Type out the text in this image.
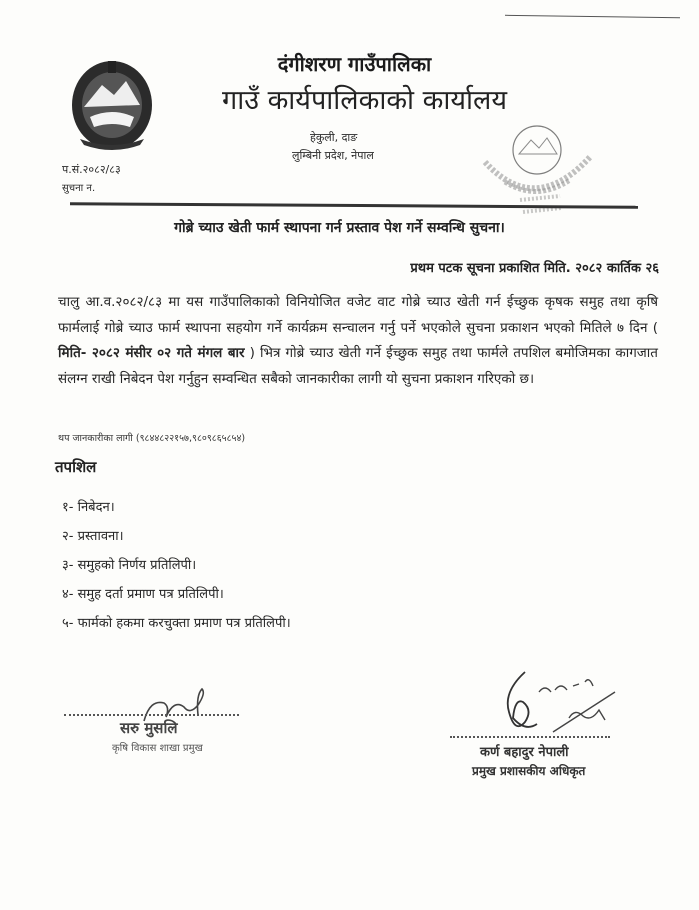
दंगीशरण गाउँपालिका
गाउँ कार्यपालिकाको कार्यालय
हेकुली, दाङ
लुम्बिनी प्रदेश, नेपाल
प.सं.२०८२/८३
सुचना न.
गोब्रे च्याउ खेती फार्म स्थापना गर्न प्रस्ताव पेश गर्ने सम्वन्धि सुचना।
प्रथम पटक सूचना प्रकाशित मिति. २०८२ कार्तिक २६
चालु आ.व.२०८२/८३ मा यस गाउँपालिकाको विनियोजित वजेट वाट गोब्रे च्याउ खेती गर्न ईच्छुक कृषक समुह तथा कृषि फार्मलाई गोब्रे च्याउ फार्म स्थापना सहयोग गर्ने कार्यक्रम सन्चालन गर्नु पर्ने भएकोले सुचना प्रकाशन भएको मितिले ७ दिन ( मिति- २०८२ मंसीर ०२ गते मंगल बार ) भित्र गोब्रे च्याउ खेती गर्ने ईच्छुक समुह तथा फार्मले तपशिल बमोजिमका कागजात संलग्न राखी निबेदन पेश गर्नुहुन सम्वन्धित सबैको जानकारीका लागी यो सुचना प्रकाशन गरिएको छ।
थप जानकारीका लागी (९८४४८२२१५७,९८०९८६५८५४)
तपशिल
१- निबेदन।
२- प्रस्तावना।
३- समुहको निर्णय प्रतिलिपी।
४- समुह दर्ता प्रमाण पत्र प्रतिलिपी।
५- फार्मको हकमा करचुक्ता प्रमाण पत्र प्रतिलिपी।
सरु मुसलि
कृषि विकास शाखा प्रमुख	कर्ण बहादुर नेपाली
प्रमुख प्रशासकीय अधिकृत
